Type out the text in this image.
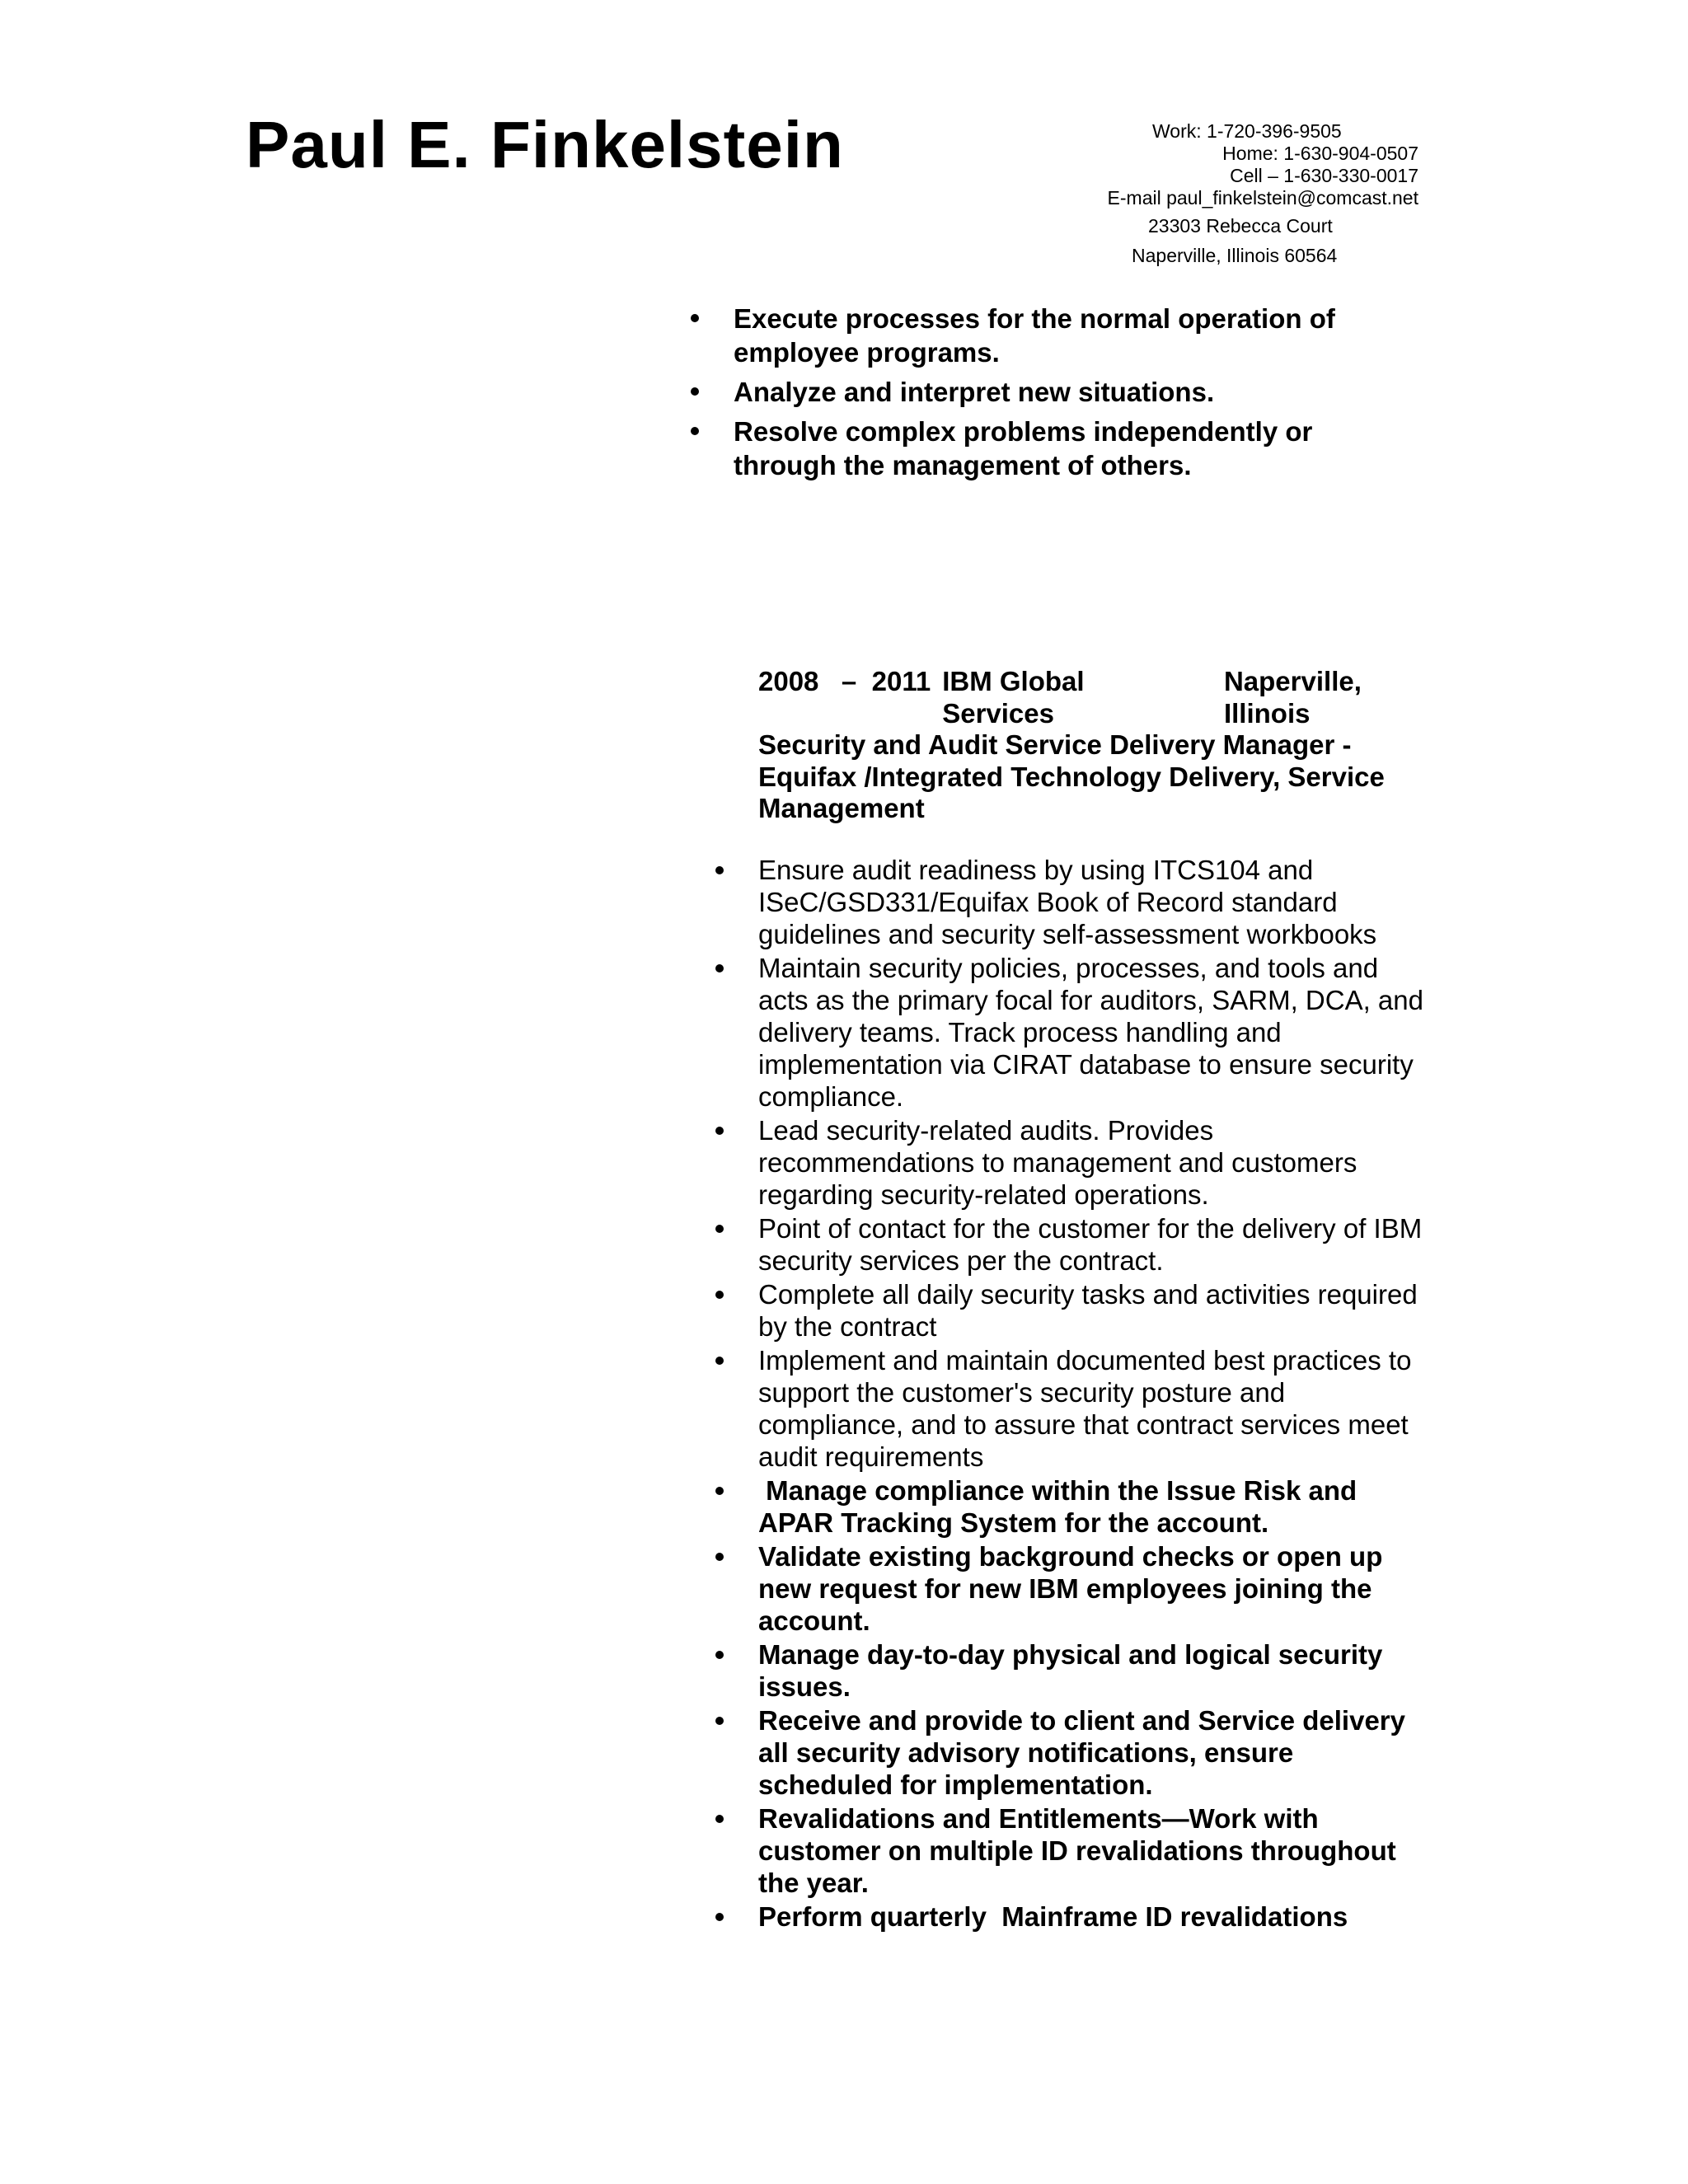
Paul E. Finkelstein	Work: 1-720-396-9505
Home: 1-630-904-0507
Cell – 1-630-330-0017
E-mail paul_finkelstein@comcast.net
23303 Rebecca Court
Naperville, Illinois 60564
Execute processes for the normal operation of employee programs.
Analyze and interpret new situations.
Resolve complex problems independently or through the management of others.
2008   –  2011 IBM Global Services
Naperville, Illinois
Security and Audit Service Delivery Manager - Equifax /Integrated Technology Delivery, Service Management
Ensure audit readiness by using ITCS104 and ISeC/GSD331/Equifax Book of Record standard guidelines and security self-assessment workbooks
Maintain security policies, processes, and tools and acts as the primary focal for auditors, SARM, DCA, and delivery teams. Track process handling and implementation via CIRAT database to ensure security compliance.
Lead security-related audits. Provides recommendations to management and customers regarding security-related operations.
Point of contact for the customer for the delivery of IBM security services per the contract.
Complete all daily security tasks and activities required by the contract
Implement and maintain documented best practices to support the customer's security posture and compliance, and to assure that contract services meet audit requirements
Manage compliance within the Issue Risk and APAR Tracking System for the account.
Validate existing background checks or open up new request for new IBM employees joining the account.
Manage day-to-day physical and logical security issues.
Receive and provide to client and Service delivery all security advisory notifications, ensure scheduled for implementation.
Revalidations and Entitlements—Work with customer on multiple ID revalidations throughout the year.
Perform quarterly  Mainframe ID revalidations
